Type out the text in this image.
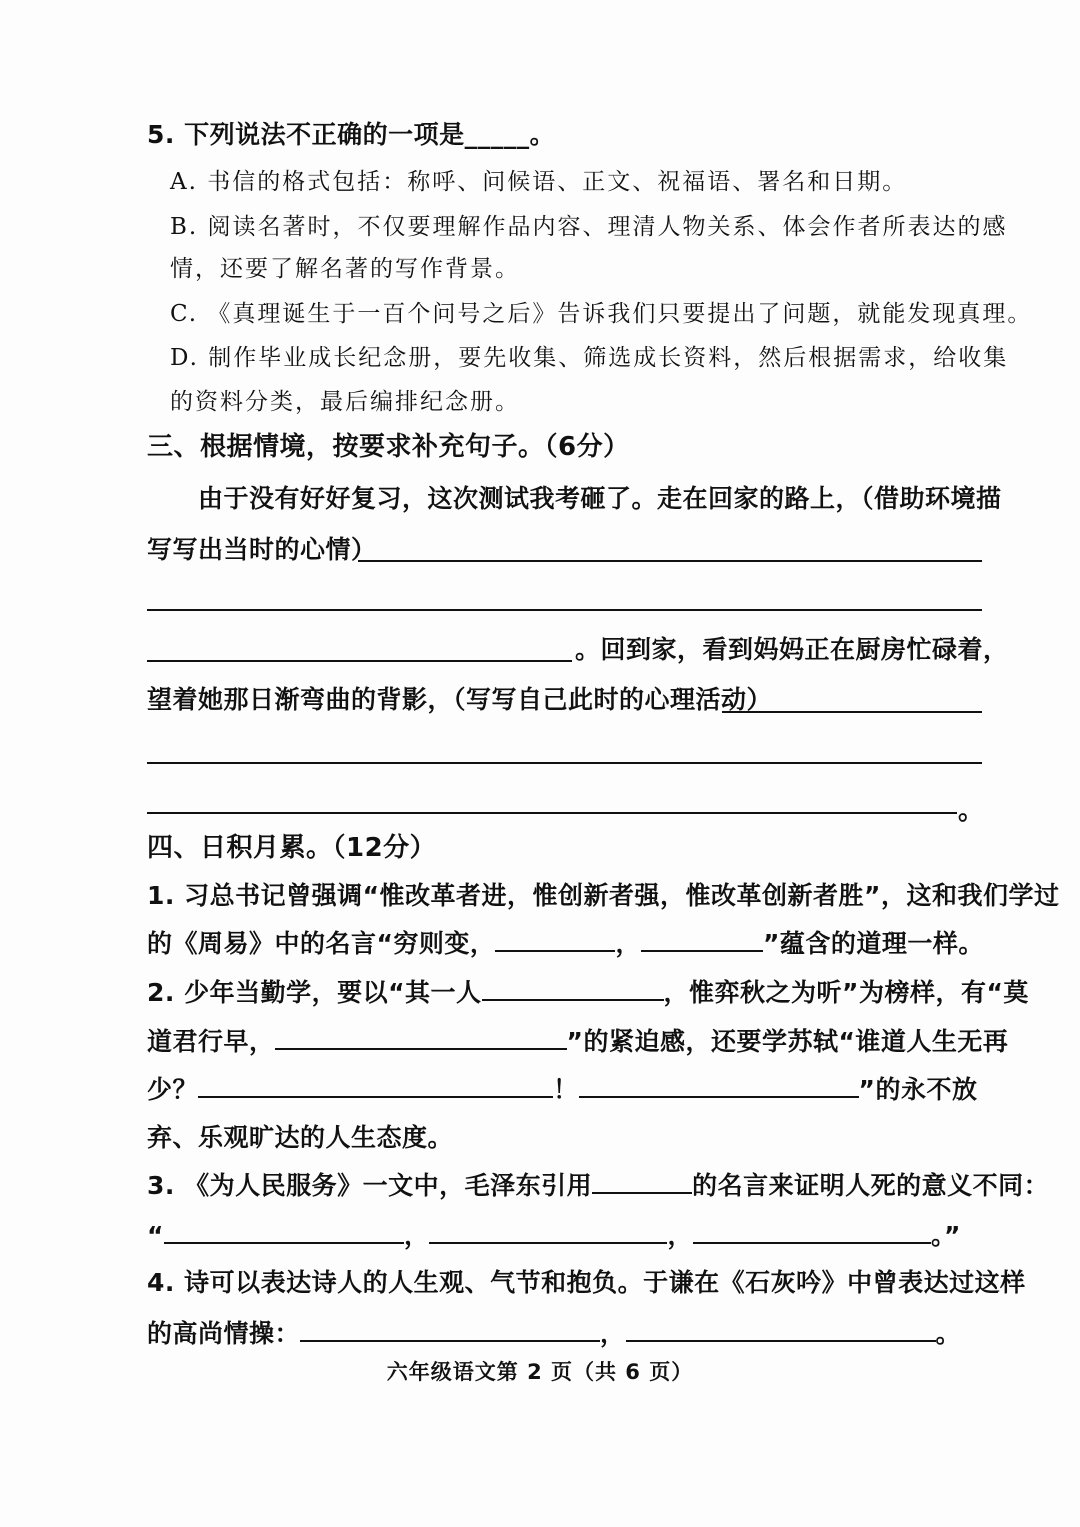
5. 下列说法不正确的一项是_____。
A. 书信的格式包括：称呼、问候语、正文、祝福语、署名和日期。
B. 阅读名著时，不仅要理解作品内容、理清人物关系、体会作者所表达的感
情，还要了解名著的写作背景。
C. 《真理诞生于一百个问号之后》告诉我们只要提出了问题，就能发现真理。
D. 制作毕业成长纪念册，要先收集、筛选成长资料，然后根据需求，给收集
的资料分类，最后编排纪念册。
三、根据情境，按要求补充句子。（6分）
由于没有好好复习，这次测试我考砸了。走在回家的路上，（借助环境描
写写出当时的心情）
。回到家，看到妈妈正在厨房忙碌着，
望着她那日渐弯曲的背影，（写写自己此时的心理活动）
。
四、日积月累。（12分）
1. 习总书记曾强调“惟改革者进，惟创新者强，惟改革创新者胜”，这和我们学过
的《周易》中的名言“穷则变，	，	”蕴含的道理一样。
2. 少年当勤学，要以“其一人	，惟弈秋之为听”为榜样，有“莫
道君行早，	”的紧迫感，还要学苏轼“谁道人生无再
少？	！	”的永不放
弃、乐观旷达的人生态度。
3. 《为人民服务》一文中，毛泽东引用	的名言来证明人死的意义不同：
“	，	，	。”
4. 诗可以表达诗人的人生观、气节和抱负。于谦在《石灰吟》中曾表达过这样
的高尚情操：	，	。
六年级语文第 2 页（共 6 页）
